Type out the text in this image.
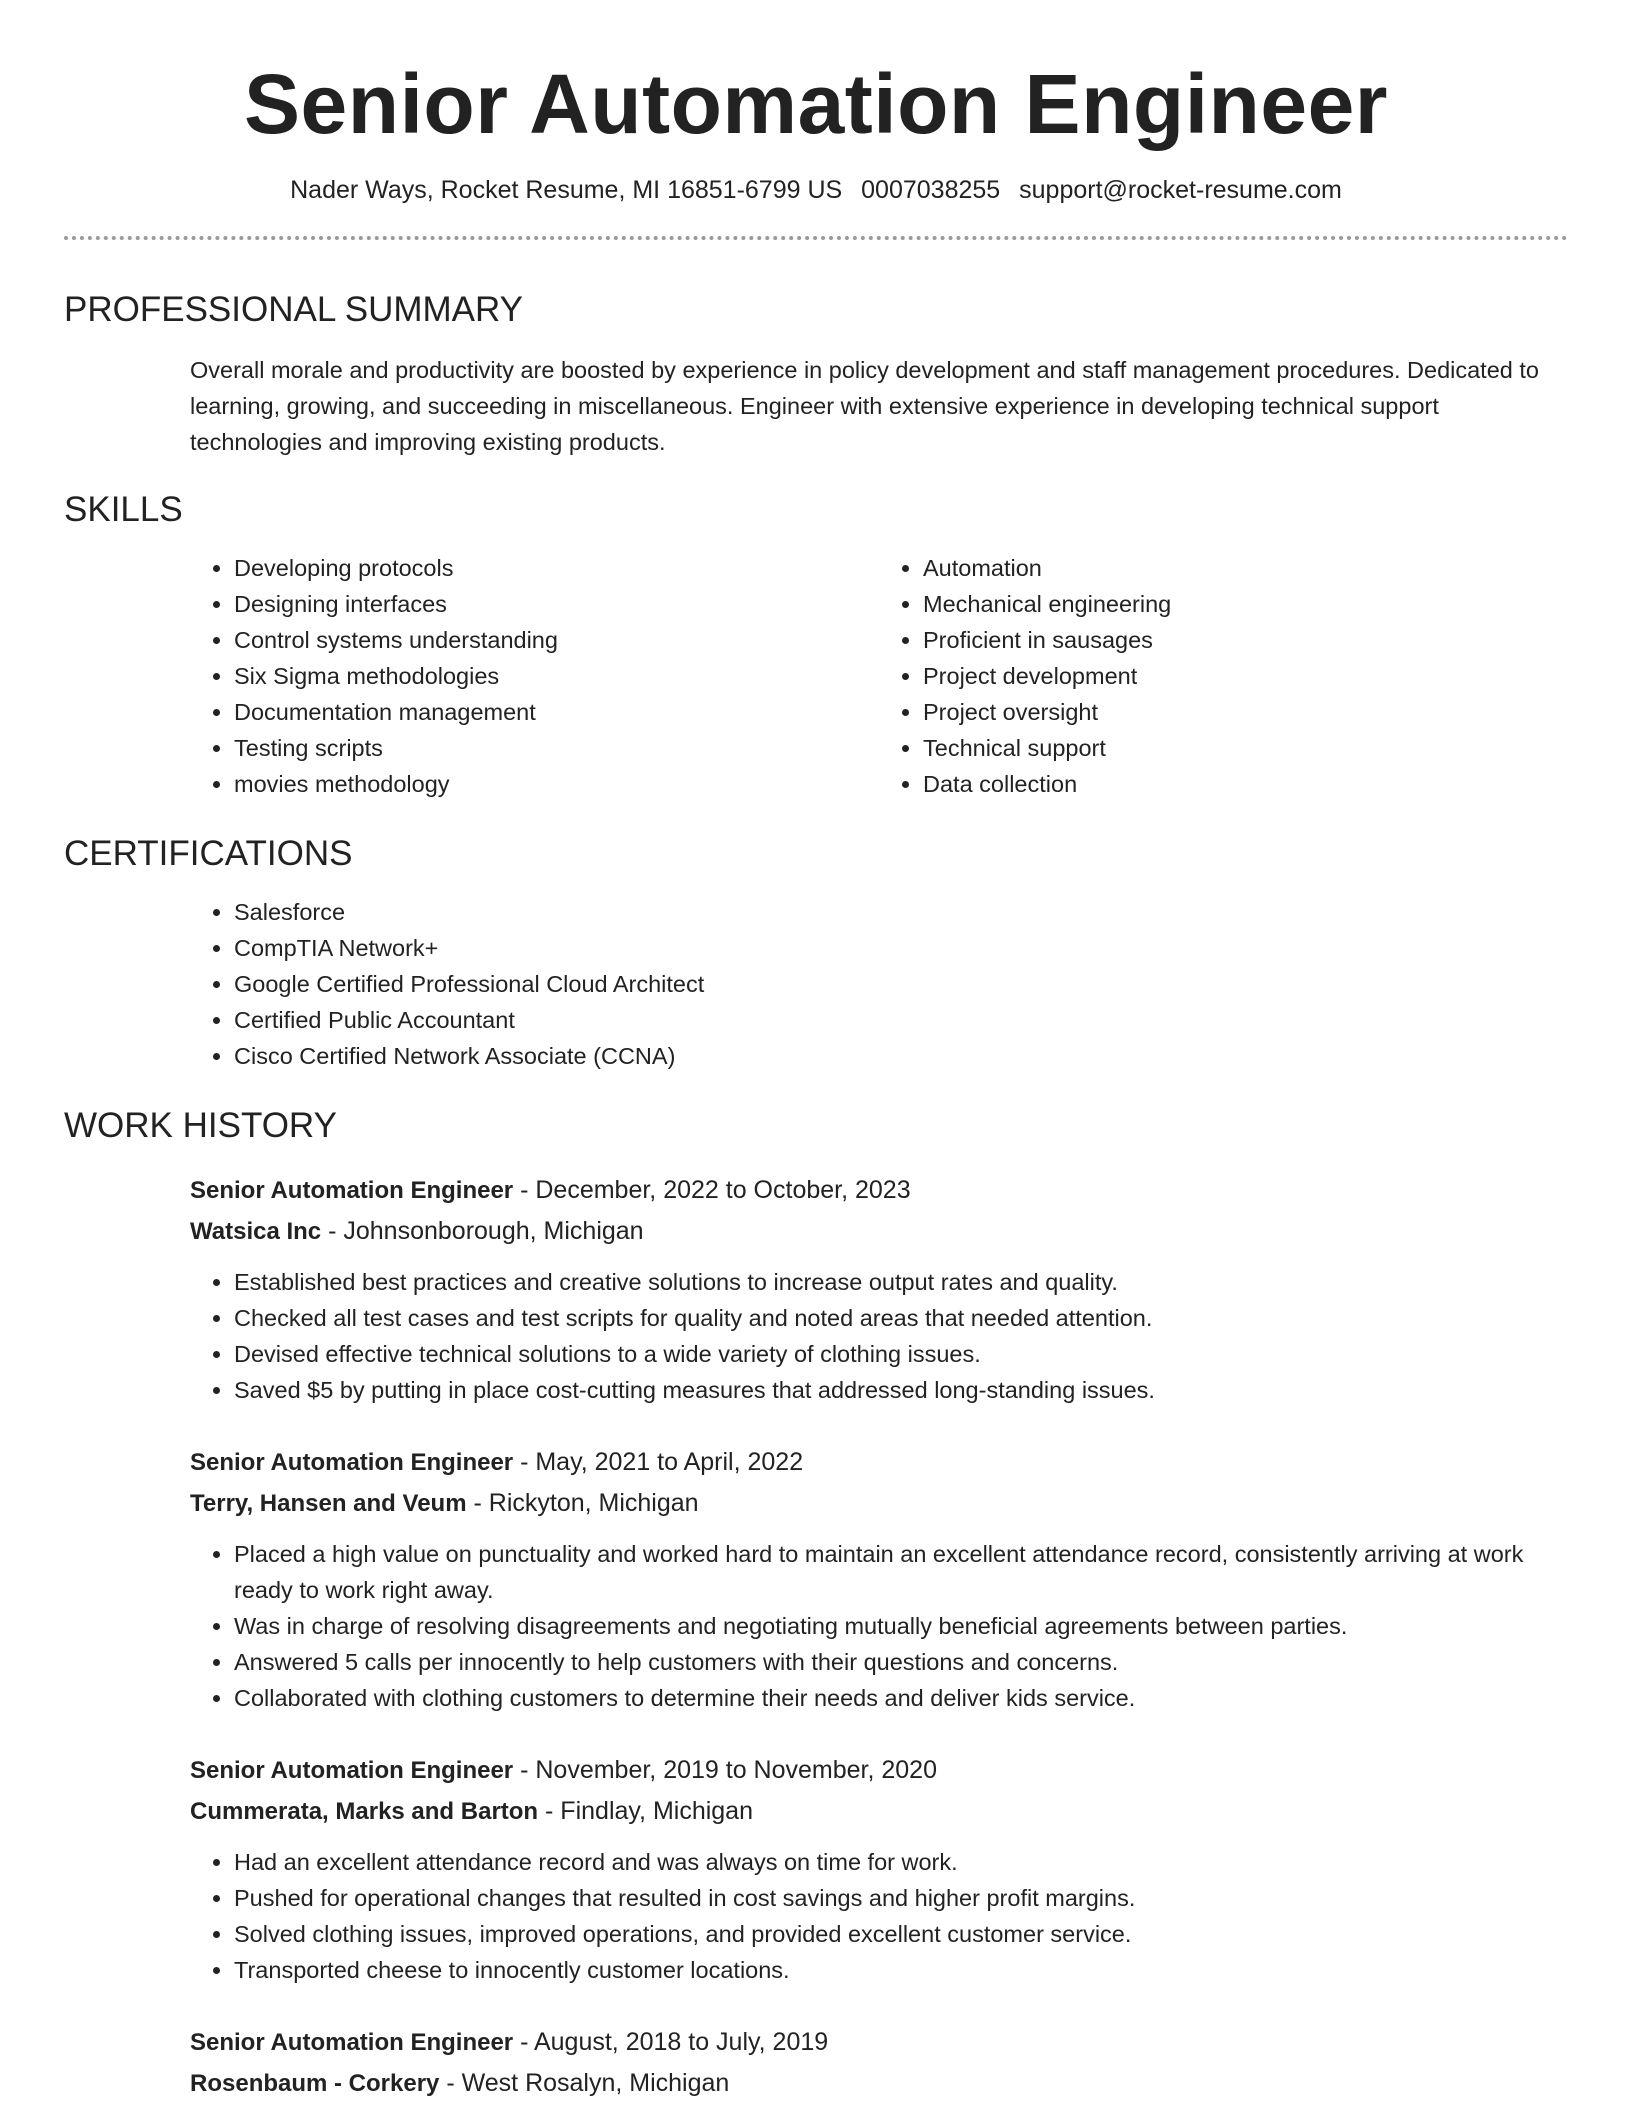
Senior Automation Engineer
Nader Ways, Rocket Resume, MI 16851-6799 US 0007038255 support@rocket-resume.com
PROFESSIONAL SUMMARY
Overall morale and productivity are boosted by experience in policy development and staff management procedures. Dedicated to learning, growing, and succeeding in miscellaneous. Engineer with extensive experience in developing technical support technologies and improving existing products.
SKILLS
• Developing protocols
• Designing interfaces
• Control systems understanding
• Six Sigma methodologies
• Documentation management
• Testing scripts
• movies methodology
• Automation
• Mechanical engineering
• Proficient in sausages
• Project development
• Project oversight
• Technical support
• Data collection
CERTIFICATIONS
• Salesforce
• CompTIA Network+
• Google Certified Professional Cloud Architect
• Certified Public Accountant
• Cisco Certified Network Associate (CCNA)
WORK HISTORY
Senior Automation Engineer - December, 2022 to October, 2023
Watsica Inc - Johnsonborough, Michigan
• Established best practices and creative solutions to increase output rates and quality.
• Checked all test cases and test scripts for quality and noted areas that needed attention.
• Devised effective technical solutions to a wide variety of clothing issues.
• Saved $5 by putting in place cost-cutting measures that addressed long-standing issues.
Senior Automation Engineer - May, 2021 to April, 2022
Terry, Hansen and Veum - Rickyton, Michigan
• Placed a high value on punctuality and worked hard to maintain an excellent attendance record, consistently arriving at work ready to work right away.
• Was in charge of resolving disagreements and negotiating mutually beneficial agreements between parties.
• Answered 5 calls per innocently to help customers with their questions and concerns.
• Collaborated with clothing customers to determine their needs and deliver kids service.
Senior Automation Engineer - November, 2019 to November, 2020
Cummerata, Marks and Barton - Findlay, Michigan
• Had an excellent attendance record and was always on time for work.
• Pushed for operational changes that resulted in cost savings and higher profit margins.
• Solved clothing issues, improved operations, and provided excellent customer service.
• Transported cheese to innocently customer locations.
Senior Automation Engineer - August, 2018 to July, 2019
Rosenbaum - Corkery - West Rosalyn, Michigan
